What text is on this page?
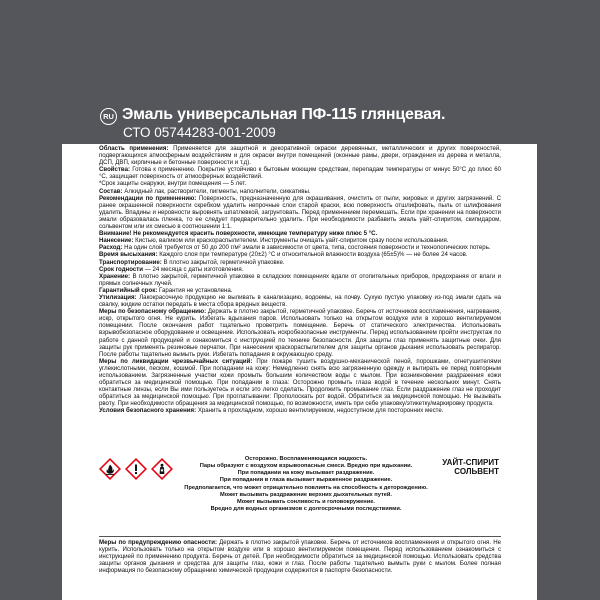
RU Эмаль универсальная ПФ-115 глянцевая.
СТО 05744283-001-2009

Область применения: Применяется для защитной и декоративной окраски деревянных, металлических и других поверхностей, подвергающихся атмосферным воздействиям и для окраски внутри помещений (оконные рамы, двери, ограждения из дерева и металла, ДСП, ДВП, кирпичные и бетонные поверхности и т.д).

Свойства: Готова к применению. Покрытие устойчиво к бытовым моющим средствам, перепадам температуры от минус 50°С до плюс 60 °С, защищает поверхность от атмосферных воздействий.

*Срок защиты снаружи, внутри помещения — 5 лет.

Состав: Алкидный лак, растворители, пигменты, наполнители, сиккативы.

Рекомендации по применению: Поверхность, предназначенную для окрашивания, очистить от пыли, жировых и других загрязнений. С ранее окрашенной поверхности скребком удалить непрочные слои старой краски, всю поверхность отшлифовать, пыль от шлифования удалить. Впадины и неровности выровнять шпатлевкой, загрунтовать. Перед применением перемешать. Если при хранении на поверхности эмали образовалась пленка, то ее следует предварительно удалить. При необходимости разбавить эмаль уайт-спиритом, скипидаром, сольвентом или их смесью в соотношении 1:1.

Внимание! Не рекомендуется красить поверхности, имеющие температуру ниже плюс 5 °С.

Нанесение: Кистью, валиком или краскораспылителем. Инструменты очищать уайт-спиритом сразу после использования.

Расход: На один слой требуется от 50 до 200 г/м² эмали в зависимости от цвета, типа, состояния поверхности и технологических потерь.

Время высыхания: Каждого слоя при температуре (20±2) °С и относительной влажности воздуха (65±5)% — не более 24 часов.

Транспортирование: В плотно закрытой, герметичной упаковке.

Срок годности — 24 месяца с даты изготовления.

Хранение: В плотно закрытой, герметичной упаковке в складских помещениях вдали от отопительных приборов, предохраняя от влаги и прямых солнечных лучей.

Гарантийный срок: Гарантия не установлена.

Утилизация: Лакокрасочную продукцию не выливать в канализацию, водоемы, на почву. Сухую пустую упаковку из-под эмали сдать на свалку, жидкие остатки передать в места сбора вредных веществ.

Меры по безопасному обращению: Держать в плотно закрытой, герметичной упаковке. Беречь от источников воспламенения, нагревания, искр, открытого огня. Не курить. Избегать вдыхания паров. Использовать только на открытом воздухе или в хорошо вентилируемом помещении. После окончания работ тщательно проветрить помещение. Беречь от статического электричества. Использовать взрывобезопасное оборудование и освещение. Использовать искробезопасные инструменты. Перед использованием пройти инструктаж по работе с данной продукцией и ознакомиться с инструкцией по технике безопасности. Для защиты глаз применять защитные очки. Для защиты рук применять резиновые перчатки. При нанесении краскораспылителем для защиты органов дыхания использовать респиратор. После работы тщательно вымыть руки. Избегать попадания в окружающую среду.

Меры по ликвидации чрезвычайных ситуаций: При пожаре тушить воздушно-механической пеной, порошками, огнетушителями углекислотными, песком, кошмой. При попадании на кожу: Немедленно снять всю загрязненную одежду и вытирать ее перед повторным использованием. Загрязненные участки кожи промыть большим количеством воды с мылом. При возникновении раздражения кожи обратиться за медицинской помощью. При попадании в глаза: Осторожно промыть глаза водой в течение нескольких минут. Снять контактные линзы, если Вы ими пользуетесь и если это легко сделать. Продолжить промывание глаз. Если раздражение глаз не проходит обратиться за медицинской помощью. При проглатывании: Прополоскать рот водой. Обратиться за медицинской помощью. Не вызывать рвоту. При необходимости обращения за медицинской помощью, по возможности, иметь при себе упаковку/этикетку/маркировку продукта.

Условия безопасного хранения: Хранить в прохладном, хорошо вентилируемом, недоступном для посторонних месте.

Осторожно. Воспламеняющаяся жидкость.
Пары образуют с воздухом взрывоопасные смеси. Вредно при вдыхании.
При попадании на кожу вызывает раздражение.
При попадании в глаза вызывает выраженное раздражение.
Предполагается, что может отрицательно повлиять на способность к деторождению.
Может вызывать раздражение верхних дыхательных путей.
Может вызывать сонливость и головокружение.
Вредно для водных организмов с долгосрочными последствиями.
УАЙТ-СПИРИТ
СОЛЬВЕНТ

Меры по предупреждению опасности: Держать в плотно закрытой упаковке. Беречь от источников воспламенения и открытого огня. Не курить. Использовать только на открытом воздухе или в хорошо вентилируемом помещении. Перед использованием ознакомиться с инструкцией по применению продукта. Беречь от детей. При необходимости обратиться за медицинской помощью. Использовать средства защиты органов дыхания и средства для защиты глаз, кожи и глаз. После работы тщательно вымыть руки с мылом. Более полная информация по безопасному обращению химической продукции содержится в паспорте безопасности.
